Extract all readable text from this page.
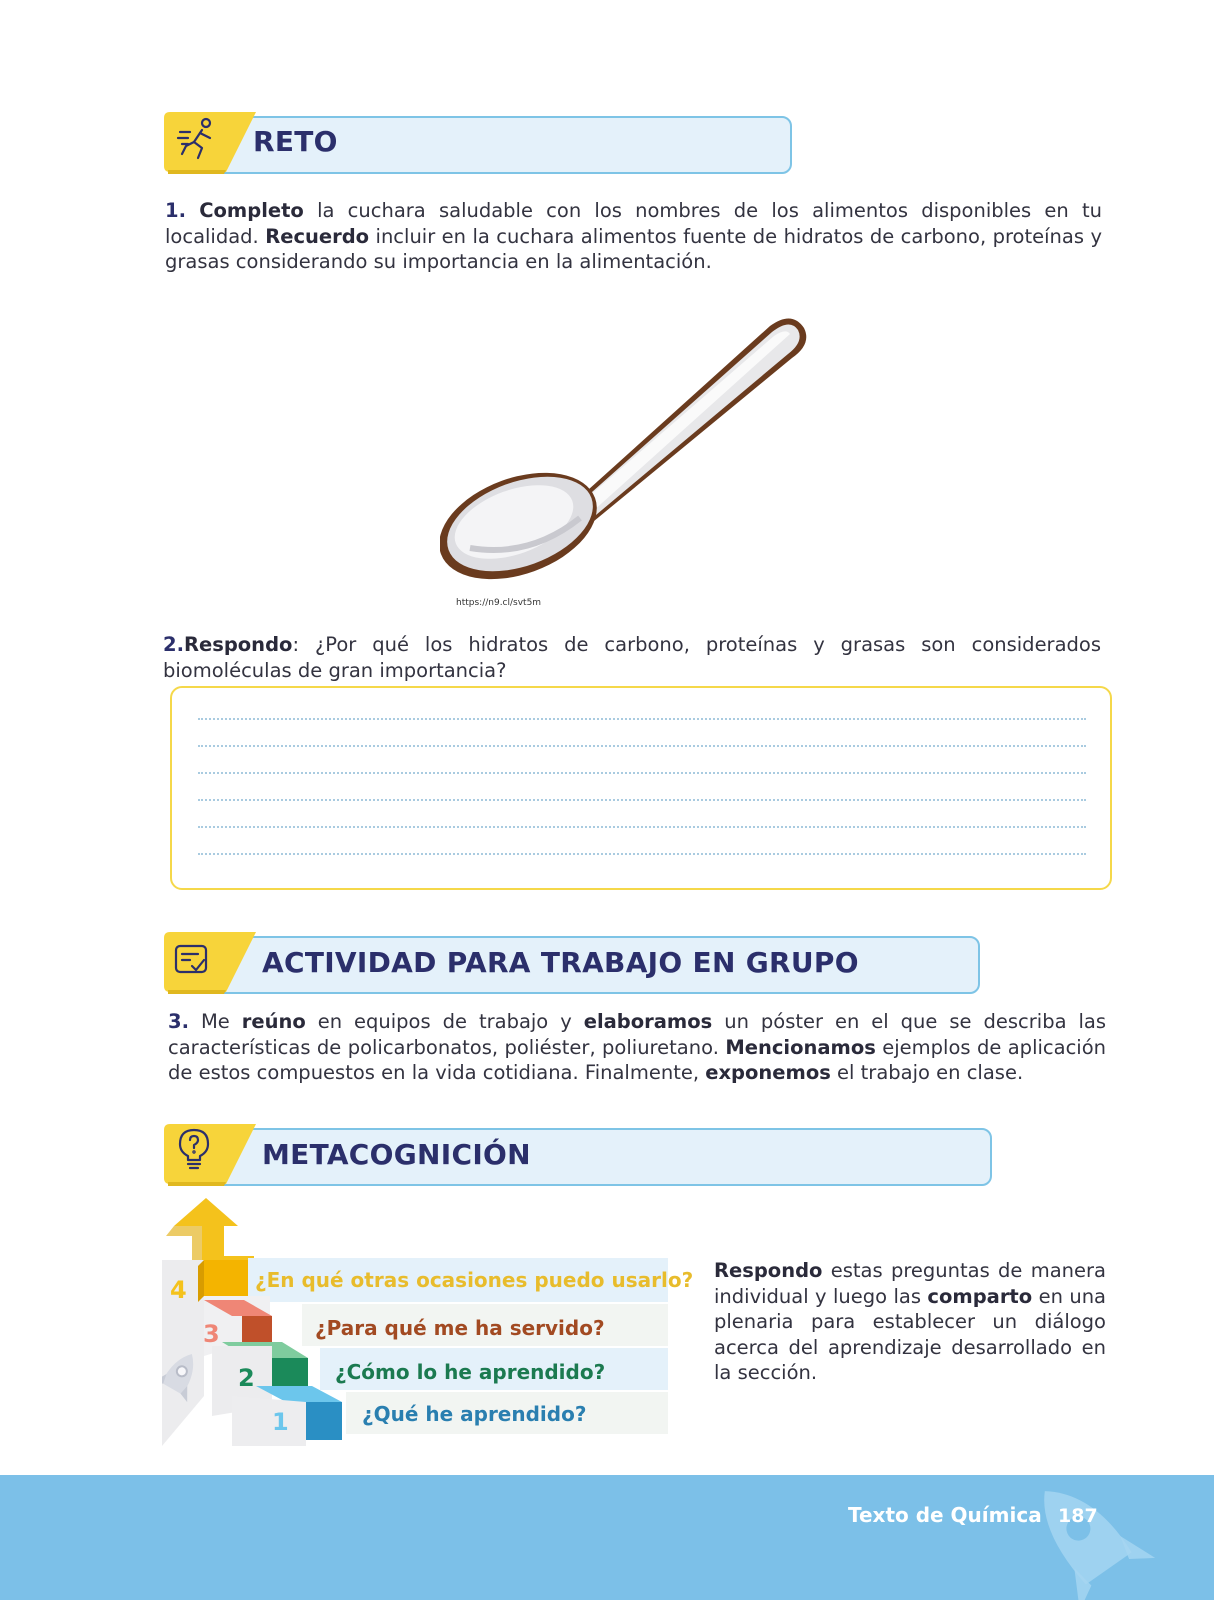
RETO

1. Completo la cuchara saludable con los nombres de los alimentos disponibles en tu localidad. Recuerdo incluir en la cuchara alimentos fuente de hidratos de carbono, proteínas y grasas considerando su importancia en la alimentación.

https://n9.cl/svt5m

2.Respondo: ¿Por qué los hidratos de carbono, proteínas y grasas son considerados biomoléculas de gran importancia?

ACTIVIDAD PARA TRABAJO EN GRUPO

3. Me reúno en equipos de trabajo y elaboramos un póster en el que se describa las características de policarbonatos, poliéster, poliuretano. Mencionamos ejemplos de aplicación de estos compuestos en la vida cotidiana. Finalmente, exponemos el trabajo en clase.

METACOGNICIÓN
4
3
2
1
¿En qué otras ocasiones puedo usarlo?
¿Para qué me ha servido?
¿Cómo lo he aprendido?
¿Qué he aprendido?

Respondo estas preguntas de manera individual y luego las comparto en una plenaria para establecer un diálogo acerca del aprendizaje desarrollado en la sección.

Texto de Química 187
